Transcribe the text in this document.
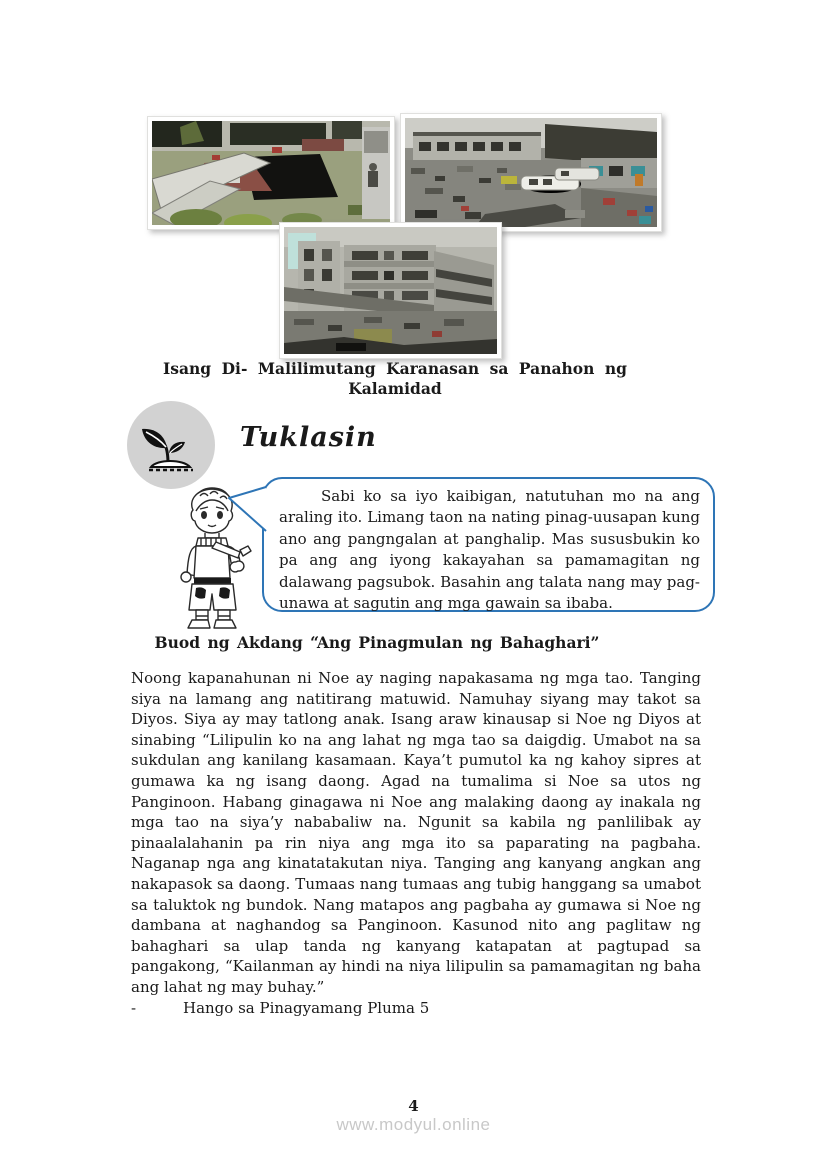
Isang Di- Malilimutang Karanasan sa Panahon ng Kalamidad
Tuklasin

Sabi ko sa iyo kaibigan, natutuhan mo na ang araling ito. Limang taon na nating pinag-uusapan kung ano ang pangngalan at panghalip. Mas sususbukin ko pa ang ang iyong kakayahan sa pamamagitan ng dalawang pagsubok. Basahin ang talata nang may pag-unawa at sagutin ang mga gawain sa ibaba.

Buod ng Akdang “Ang Pinagmulan ng Bahaghari”

Noong kapanahunan ni Noe ay naging napakasama ng mga tao. Tanging siya na lamang ang natitirang matuwid. Namuhay siyang may takot sa Diyos. Siya ay may tatlong anak. Isang araw kinausap si Noe ng Diyos at sinabing “Lilipulin ko na ang lahat ng mga tao sa daigdig. Umabot na sa sukdulan ang kanilang kasamaan. Kaya’t pumutol ka ng kahoy sipres at gumawa ka ng isang daong. Agad na tumalima si Noe sa utos ng Panginoon. Habang ginagawa ni Noe ang malaking daong ay inakala ng mga tao na siya’y nababaliw na. Ngunit sa kabila ng panlilibak ay pinaalalahanin pa rin niya ang mga ito sa paparating na pagbaha. Naganap nga ang kinatatakutan niya. Tanging ang kanyang angkan ang nakapasok sa daong. Tumaas nang tumaas ang tubig hanggang sa umabot sa taluktok ng bundok. Nang matapos ang pagbaha ay gumawa si Noe ng dambana at naghandog sa Panginoon. Kasunod nito ang paglitaw ng bahaghari sa ulap tanda ng kanyang katapatan at pagtupad sa pangakong, “Kailanman ay hindi na niya lilipulin sa pamamagitan ng baha ang lahat ng may buhay.”

-	Hango sa Pinagyamang Pluma 5
4
www.modyul.online
